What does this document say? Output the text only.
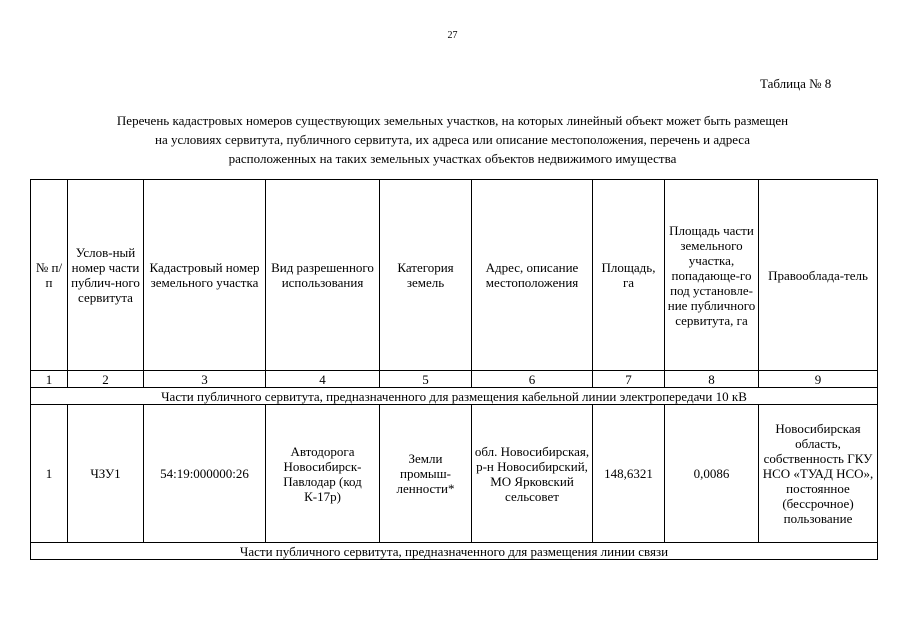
27
Таблица № 8
Перечень кадастровых номеров существующих земельных участков, на которых линейный объект может быть размещен
на условиях сервитута, публичного сервитута, их адреса или описание местоположения, перечень и адреса
расположенных на таких земельных участках объектов недвижимого имущества
№ п/п	Услов-ный номер части публич-ного сервитута	Кадастровый номер земельного участка	Вид разрешенного использования	Категория земель	Адрес, описание местоположения	Площадь, га	Площадь части земельного участка, попадающе-го под установле-ние публичного сервитута, га	Правооблада-тель
1	2	3	4	5	6	7	8	9
Части публичного сервитута, предназначенного для размещения кабельной линии электропередачи 10 кВ								
1	ЧЗУ1	54:19:000000:26	Автодорога Новосибирск-Павлодар (код К-17р)	Земли промыш-ленности*	обл. Новосибирская, р-н Новосибирский, МО Ярковский сельсовет	148,6321	0,0086	Новосибирская область, собственность ГКУ НСО «ТУАД НСО», постоянное (бессрочное) пользование
Части публичного сервитута, предназначенного для размещения линии связи								
